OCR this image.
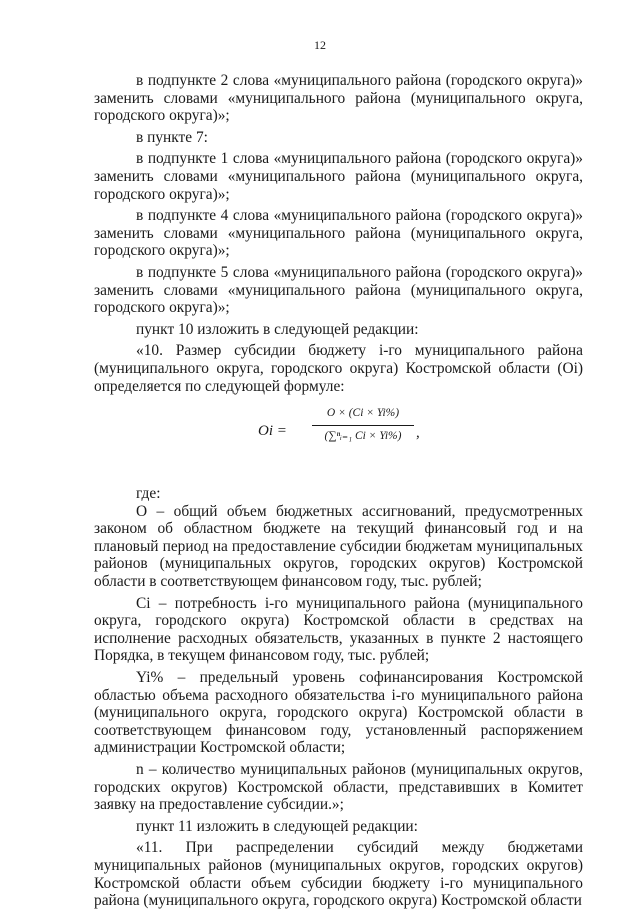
12

в подпункте 2 слова «муниципального района (городского округа)» заменить словами «муниципального района (муниципального округа, городского округа)»;

в пункте 7:

в подпункте 1 слова «муниципального района (городского округа)» заменить словами «муниципального района (муниципального округа, городского округа)»;

в подпункте 4 слова «муниципального района (городского округа)» заменить словами «муниципального района (муниципального округа, городского округа)»;

в подпункте 5 слова «муниципального района (городского округа)» заменить словами «муниципального района (муниципального округа, городского округа)»;

пункт 10 изложить в следующей редакции:

«10. Размер субсидии бюджету i-го муниципального района (муниципального округа, городского округа) Костромской области (Oi) определяется по следующей формуле:

$Oi = \frac{O \times (Ci \times Yi\%)}{\text{(∑ⁿᵢ₌₁ Ci × Yi\%)}}$ ,

где:

O – общий объем бюджетных ассигнований, предусмотренных законом об областном бюджете на текущий финансовый год и на плановый период на предоставление субсидии бюджетам муниципальных районов (муниципальных округов, городских округов) Костромской области в соответствующем финансовом году, тыс. рублей;

Ci – потребность i-го муниципального района (муниципального округа, городского округа) Костромской области в средствах на исполнение расходных обязательств, указанных в пункте 2 настоящего Порядка, в текущем финансовом году, тыс. рублей;

Yi% – предельный уровень софинансирования Костромской областью объема расходного обязательства i-го муниципального района (муниципального округа, городского округа) Костромской области в соответствующем финансовом году, установленный распоряжением администрации Костромской области;

n – количество муниципальных районов (муниципальных округов, городских округов) Костромской области, представивших в Комитет заявку на предоставление субсидии.»;

пункт 11 изложить в следующей редакции:

«11. При распределении субсидий между бюджетами муниципальных районов (муниципальных округов, городских округов) Костромской области объем субсидии бюджету i-го муниципального района (муниципального округа, городского округа) Костромской области
